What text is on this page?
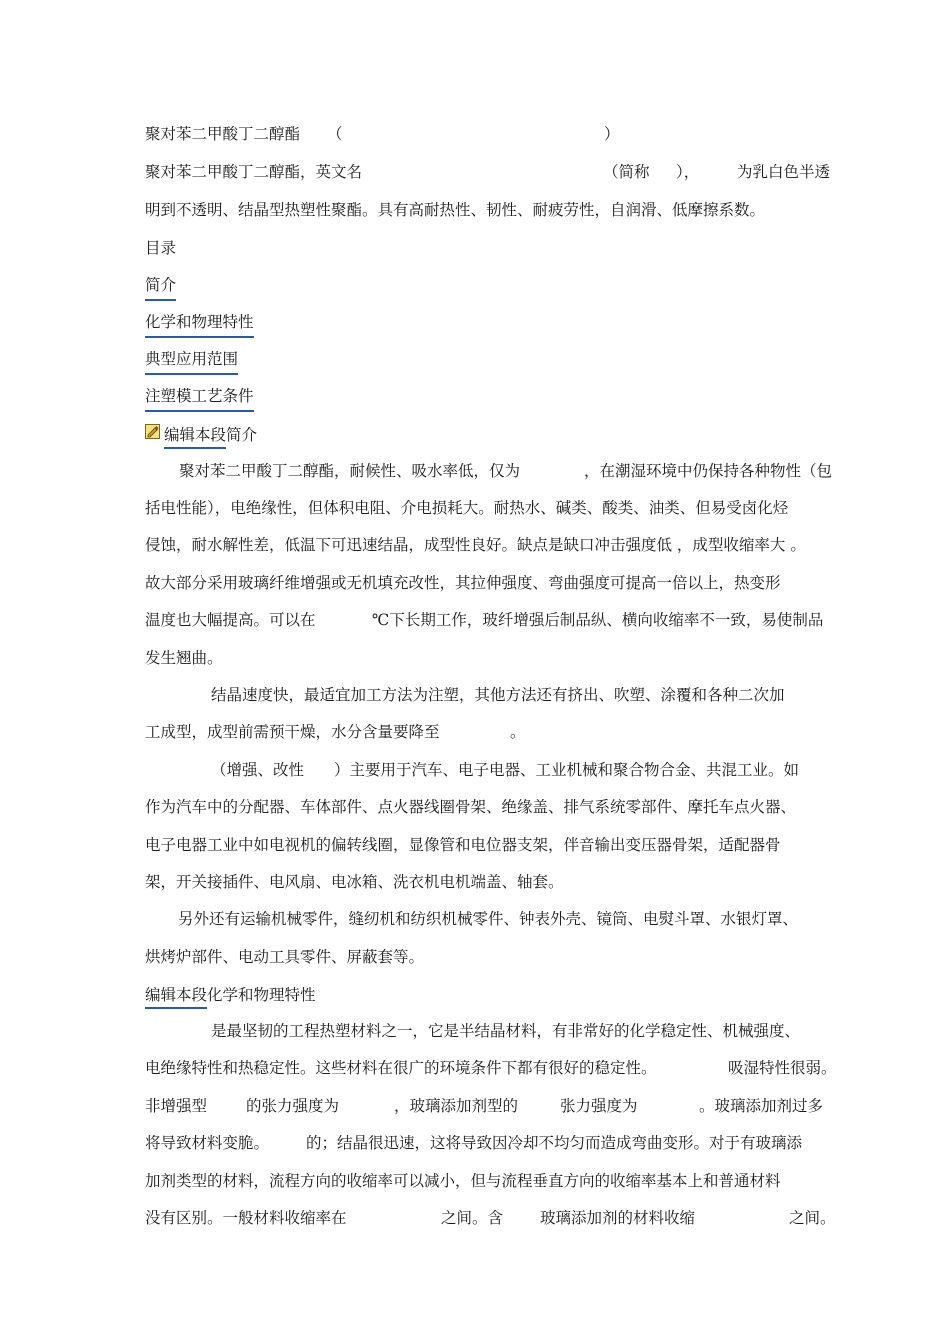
聚对苯二甲酸丁二醇酯 （	）
聚对苯二甲酸丁二醇酯，英文名	（简称 ）， 为乳白色半透
明到不透明、结晶型热塑性聚酯。具有高耐热性、韧性、耐疲劳性，自润滑、低摩擦系数。
目录
简介
化学和物理特性
典型应用范围
注塑模工艺条件
编辑本段简介
聚对苯二甲酸丁二醇酯，耐候性、吸水率低，仅为	，在潮湿环境中仍保持各种物性（包
括电性能），电绝缘性，但体积电阻、介电损耗大。耐热水、碱类、酸类、油类、但易受卤化烃
侵蚀，耐水解性差，低温下可迅速结晶，成型性良好。缺点是缺口冲击强度低 ，成型收缩率大 。
故大部分采用玻璃纤维增强或无机填充改性，其拉伸强度、弯曲强度可提高一倍以上，热变形
温度也大幅提高。可以在	℃下长期工作，玻纤增强后制品纵、横向收缩率不一致，易使制品
发生翘曲。
结晶速度快，最适宜加工方法为注塑，其他方法还有挤出、吹塑、涂覆和各种二次加
工成型，成型前需预干燥，水分含量要降至	。
（增强、改性 ）主要用于汽车、电子电器、工业机械和聚合物合金、共混工业。如
作为汽车中的分配器、车体部件、点火器线圈骨架、绝缘盖、排气系统零部件、摩托车点火器、
电子电器工业中如电视机的偏转线圈，显像管和电位器支架，伴音输出变压器骨架，适配器骨
架，开关接插件、电风扇、电冰箱、洗衣机电机端盖、轴套。
另外还有运输机械零件，缝纫机和纺织机械零件、钟表外壳、镜筒、电熨斗罩、水银灯罩、
烘烤炉部件、电动工具零件、屏蔽套等。
编辑本段化学和物理特性
是最坚韧的工程热塑材料之一，它是半结晶材料，有非常好的化学稳定性、机械强度、
电绝缘特性和热稳定性。这些材料在很广的环境条件下都有很好的稳定性。	吸湿特性很弱。
非增强型	的张力强度为	，玻璃添加剂型的	张力强度为	。玻璃添加剂过多
将导致材料变脆。 的；结晶很迅速，这将导致因冷却不均匀而造成弯曲变形。对于有玻璃添
加剂类型的材料，流程方向的收缩率可以减小，但与流程垂直方向的收缩率基本上和普通材料
没有区别。一般材料收缩率在	之间。含 玻璃添加剂的材料收缩	之间。
